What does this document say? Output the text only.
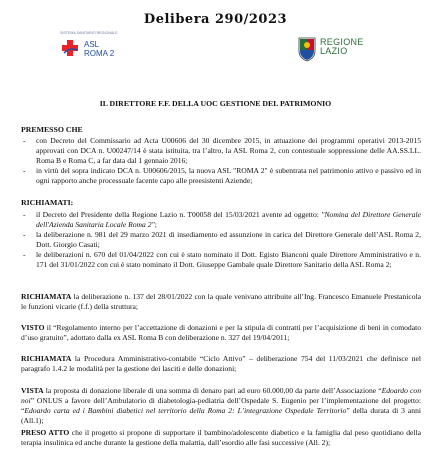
Delibera 290/2023
SISTEMA SANITARIO REGIONALE
ASL
ROMA 2
REGIONE
LAZIO
IL DIRETTORE F.F. DELLA UOC GESTIONE DEL PATRIMONIO
PREMESSO CHE
- con Decreto del Commissario ad Acta U00606 del 30 dicembre 2015, in attuazione dei programmi operativi 2013-2015 approvati con DCA n. U00247/14 è stata istituita, tra l’altro, la ASL Roma 2, con contestuale soppressione delle AA.SS.LL. Roma B e Roma C, a far data dal 1 gennaio 2016;
- in virtù del sopra indicato DCA n. U00606/2015, la nuova ASL "ROMA 2" è subentrata nel patrimonio attivo e passivo ed in ogni rapporto anche processuale facente capo alle preesistenti Aziende;
RICHIAMATI:
- il Decreto del Presidente della Regione Lazio n. T00058 del 15/03/2021 avente ad oggetto: "Nomina del Direttore Generale dell'Azienda Sanitaria Locale Roma 2";
- la deliberazione n. 981 del 29 marzo 2021 di insediamento ed assunzione in carica del Direttore Generale dell’ASL Roma 2, Dott. Giorgio Casati;
- le deliberazioni n. 670 del 01/04/2022 con cui è stato nominato il Dott. Egisto Bianconi quale Direttore Amministrativo e n. 171 del 31/01/2022 con cui è stato nominato il Dott. Giuseppe Gambale quale Direttore Sanitario della ASL Roma 2;
RICHIAMATA la deliberazione n. 137 del 28/01/2022 con la quale venivano attribuite all’Ing. Francesco Emanuele Prestanicola le funzioni vicarie (f.f.) della struttura;
VISTO il “Regolamento interno per l’accettazione di donazioni e per la stipula di contratti per l’acquisizione di beni in comodato d’uso gratuito”, adottato dalla ex ASL Roma B con deliberazione n. 327 del 19/04/2011;
RICHIAMATA la Procedura Amministrativo-contabile “Ciclo Attivo” – deliberazione 754 del 11/03/2021 che definisce nel paragrafo 1.4.2 le modalità per la gestione dei lasciti e delle donazioni;
VISTA la proposta di donazione liberale di una somma di denaro pari ad euro 60.000,00 da parte dell’Associazione “Edoardo con noi” ONLUS a favore dell’Ambulatorio di diabetologia-pediatria dell’Ospedale S. Eugenio per l’implementazione del progetto: “Edoardo carta ed i Bambini diabetici nel territorio della Roma 2: L’integrazione Ospedale Territorio” della durata di 3 anni (All.1);
PRESO ATTO che il progetto si propone di supportare il bambino/adolescente diabetico e la famiglia dal peso quotidiano della terapia insulinica ed anche durante la gestione della malattia, dall’esordio alle fasi successive (All. 2);
